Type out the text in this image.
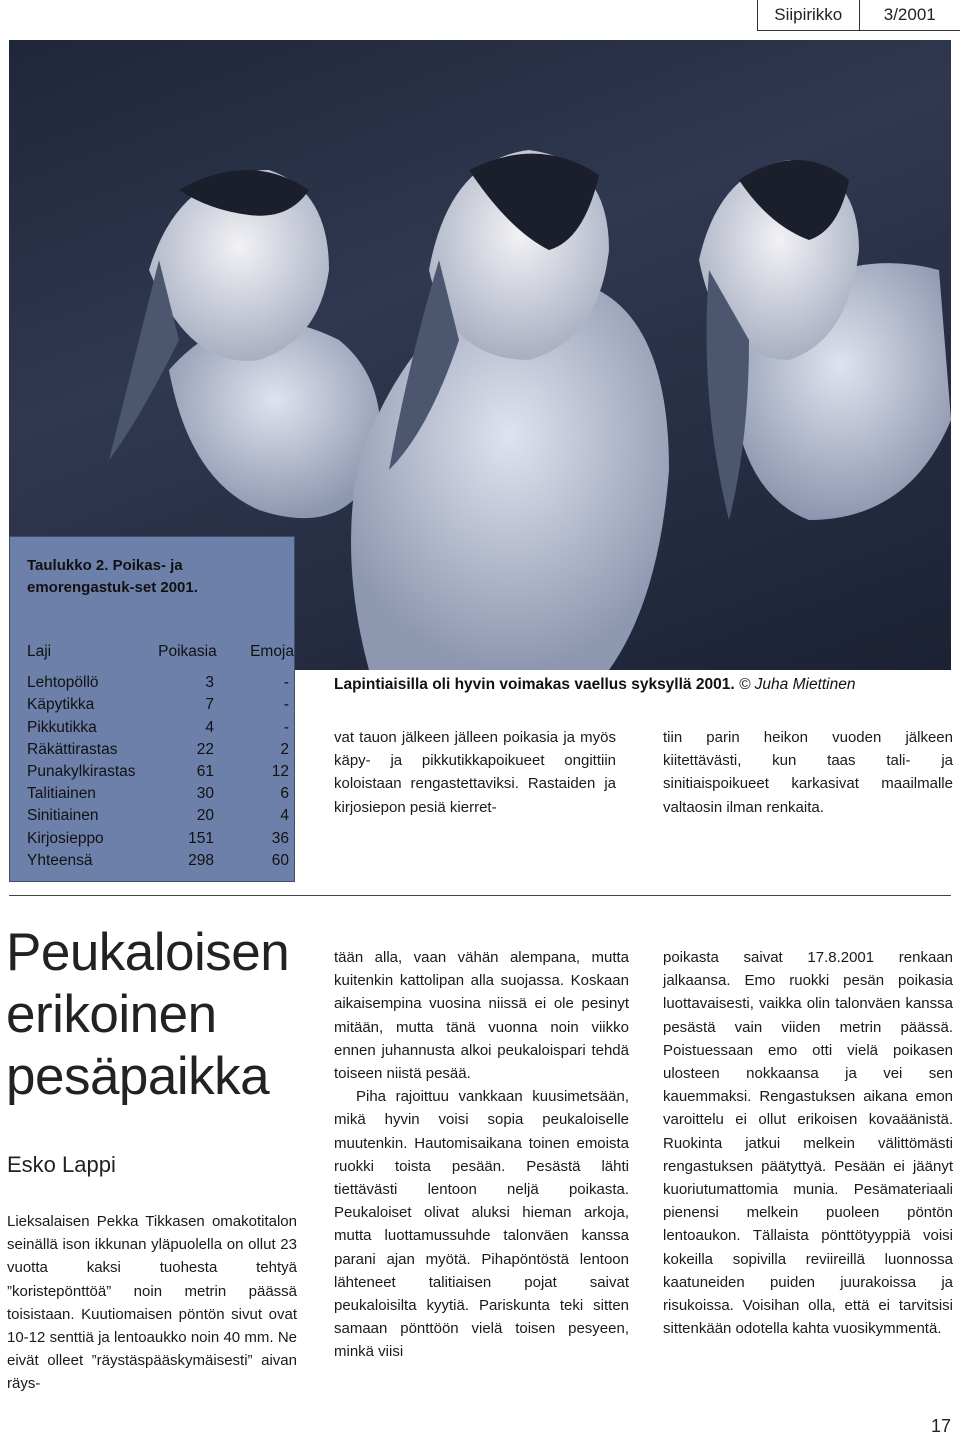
Siipirikko	3/2001
Taulukko 2. Poikas- ja emorengastuk-set 2001.
Laji	Poikasia	Emoja
Lehtopöllö	3	-
Käpytikka	7	-
Pikkutikka	4	-
Räkättirastas	22	2
Punakylkirastas	61	12
Talitiainen	30	6
Sinitiainen	20	4
Kirjosieppo	151	36
Yhteensä	298	60
Lapintiaisilla oli hyvin voimakas vaellus syksyllä 2001. © Juha Miettinen

vat tauon jälkeen jälleen poikasia ja myös käpy- ja pikkutikkapoikueet ongittiin koloistaan rengastettaviksi. Rastaiden ja kirjosiepon pesiä kierret-

tiin parin heikon vuoden jälkeen kiitettävästi, kun taas tali- ja sinitiaispoikueet karkasivat maailmalle valtaosin ilman renkaita.

Peukaloisen erikoinen pesäpaikka
Esko Lappi

Lieksalaisen Pekka Tikkasen omakotitalon seinällä ison ikkunan yläpuolella on ollut 23 vuotta kaksi tuohesta tehtyä ”koristepönttöä” noin metrin päässä toisistaan. Kuutiomaisen pöntön sivut ovat 10-12 senttiä ja lentoaukko noin 40 mm. Ne eivät olleet ”räystäspääskymäisesti” aivan räys-

tään alla, vaan vähän alempana, mutta kuitenkin kattolipan alla suojassa. Koskaan aikaisempina vuosina niissä ei ole pesinyt mitään, mutta tänä vuonna noin viikko ennen juhannusta alkoi peukaloispari tehdä toiseen niistä pesää.

Piha rajoittuu vankkaan kuusimetsään, mikä hyvin voisi sopia peukaloiselle muutenkin. Hautomisaikana toinen emoista ruokki toista pesään. Pesästä lähti tiettävästi lentoon neljä poikasta. Peukaloiset olivat aluksi hieman arkoja, mutta luottamussuhde talonväen kanssa parani ajan myötä. Pihapöntöstä lentoon lähteneet talitiaisen pojat saivat peukaloisilta kyytiä. Pariskunta teki sitten samaan pönttöön vielä toisen pesyeen, minkä viisi

poikasta saivat 17.8.2001 renkaan jalkaansa. Emo ruokki pesän poikasia luottavaisesti, vaikka olin talonväen kanssa pesästä vain viiden metrin päässä. Poistuessaan emo otti vielä poikasen ulosteen nokkaansa ja vei sen kauemmaksi. Rengastuksen aikana emon varoittelu ei ollut erikoisen kovaäänistä. Ruokinta jatkui melkein välittömästi rengastuksen päätyttyä. Pesään ei jäänyt kuoriutumattomia munia. Pesämateriaali pienensi melkein puoleen pöntön lentoaukon. Tällaista pönttötyyppiä voisi kokeilla sopivilla reviireillä luonnossa kaatuneiden puiden juurakoissa ja risukoissa. Voisihan olla, että ei tarvitsisi sittenkään odotella kahta vuosikymmentä.

17
